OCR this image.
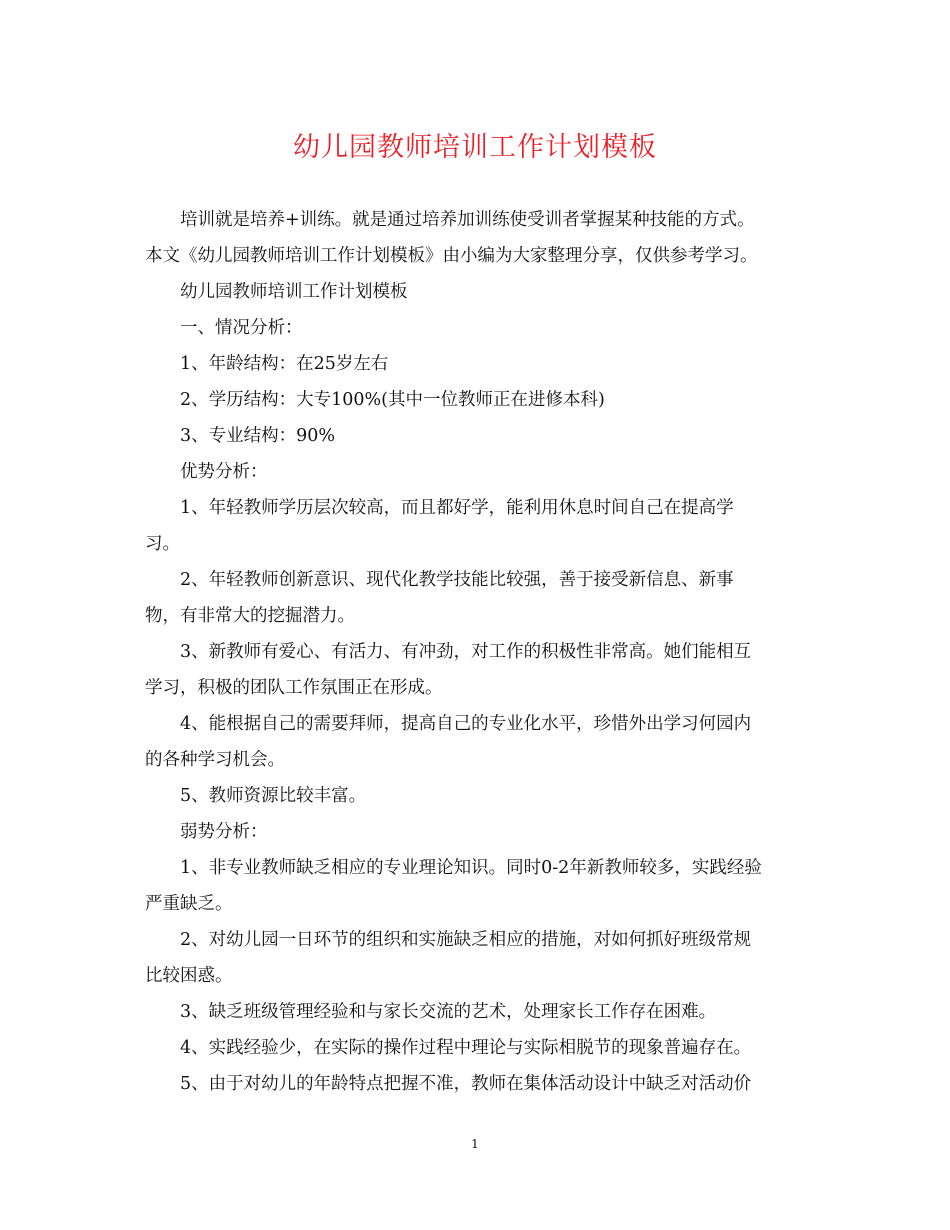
幼儿园教师培训工作计划模板

培训就是培养+训练。就是通过培养加训练使受训者掌握某种技能的方式。

本文《幼儿园教师培训工作计划模板》由小编为大家整理分享，仅供参考学习。

幼儿园教师培训工作计划模板

一、情况分析：

1、年龄结构：在25岁左右

2、学历结构：大专100%(其中一位教师正在进修本科)

3、专业结构：90%

优势分析：

1、年轻教师学历层次较高，而且都好学，能利用休息时间自己在提高学

习。

2、年轻教师创新意识、现代化教学技能比较强，善于接受新信息、新事

物，有非常大的挖掘潜力。

3、新教师有爱心、有活力、有冲劲，对工作的积极性非常高。她们能相互

学习，积极的团队工作氛围正在形成。

4、能根据自己的需要拜师，提高自己的专业化水平，珍惜外出学习何园内

的各种学习机会。

5、教师资源比较丰富。

弱势分析：

1、非专业教师缺乏相应的专业理论知识。同时0-2年新教师较多，实践经验

严重缺乏。

2、对幼儿园一日环节的组织和实施缺乏相应的措施，对如何抓好班级常规

比较困惑。

3、缺乏班级管理经验和与家长交流的艺术，处理家长工作存在困难。

4、实践经验少，在实际的操作过程中理论与实际相脱节的现象普遍存在。

5、由于对幼儿的年龄特点把握不准，教师在集体活动设计中缺乏对活动价

1
